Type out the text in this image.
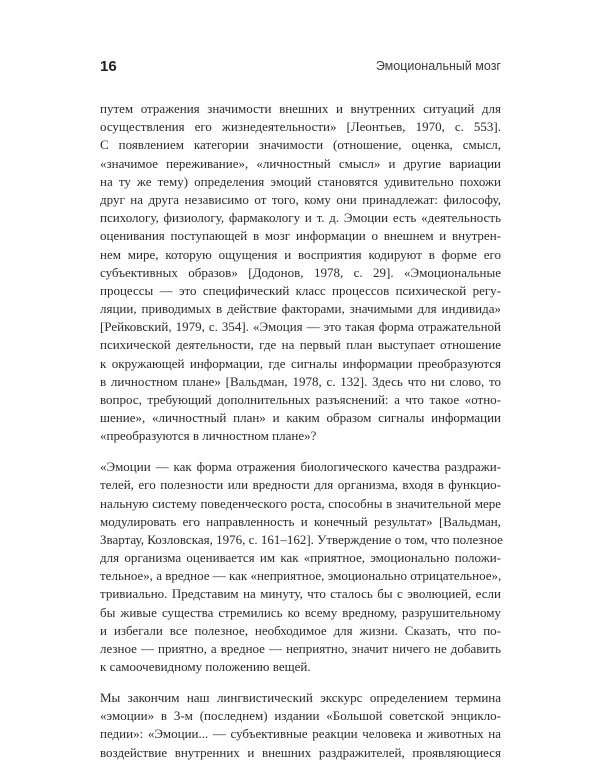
16	Эмоциональный мозг
путем отражения значимости внешних и внутренних ситуаций для
осуществления его жизнедеятельности» [Леонтьев, 1970, с. 553].
С появлением категории значимости (отношение, оценка, смысл,
«значимое переживание», «личностный смысл» и другие вариации
на ту же тему) определения эмоций становятся удивительно похожи
друг на друга независимо от того, кому они принадлежат: философу,
психологу, физиологу, фармакологу и т. д. Эмоции есть «деятельность
оценивания поступающей в мозг информации о внешнем и внутрен-
нем мире, которую ощущения и восприятия кодируют в форме его
субъективных образов» [Додонов, 1978, с. 29]. «Эмоциональные
процессы — это специфический класс процессов психической регу-
ляции, приводимых в действие факторами, значимыми для индивида»
[Рейковский, 1979, с. 354]. «Эмоция — это такая форма отражательной
психической деятельности, где на первый план выступает отношение
к окружающей информации, где сигналы информации преобразуются
в личностном плане» [Вальдман, 1978, с. 132]. Здесь что ни слово, то
вопрос, требующий дополнительных разъяснений: а что такое «отно-
шение», «личностный план» и каким образом сигналы информации
«преобразуются в личностном плане»?
«Эмоции — как форма отражения биологического качества раздражи-
телей, его полезности или вредности для организма, входя в функцио-
нальную систему поведенческого роста, способны в значительной мере
модулировать его направленность и конечный результат» [Вальдман,
Звартау, Козловская, 1976, с. 161–162]. Утверждение о том, что полезное
для организма оценивается им как «приятное, эмоционально положи-
тельное», а вредное — как «неприятное, эмоционально отрицательное»,
тривиально. Представим на минуту, что сталось бы с эволюцией, если
бы живые существа стремились ко всему вредному, разрушительному
и избегали все полезное, необходимое для жизни. Сказать, что по-
лезное — приятно, а вредное — неприятно, значит ничего не добавить
к самоочевидному положению вещей.
Мы закончим наш лингвистический экскурс определением термина
«эмоции» в 3-м (последнем) издании «Большой советской энцикло-
педии»: «Эмоции... — субъективные реакции человека и животных на
воздействие внутренних и внешних раздражителей, проявляющиеся
